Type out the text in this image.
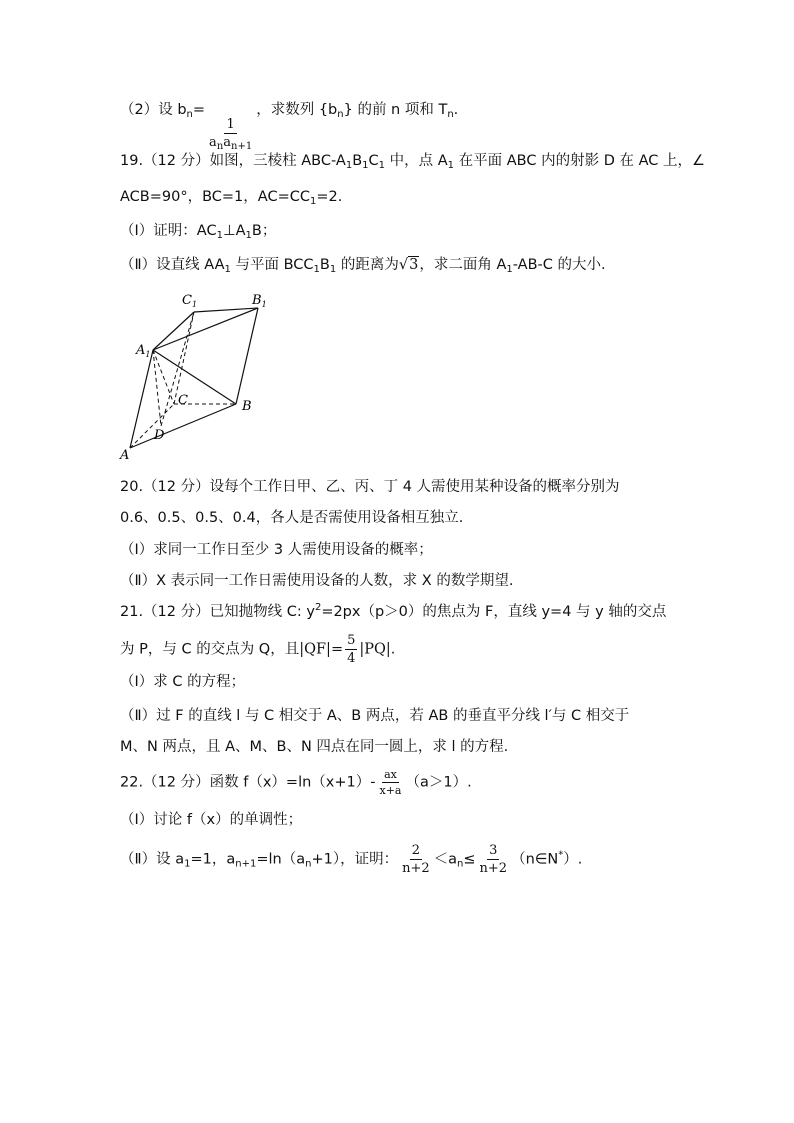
（2）设 $b_n=$
$\frac{1}{a_na_{n+1}}$
，求数列 $\{b_n\}$ 的前 n 项和 $T_n$.
19.（12 分）如图，三棱柱 ABC-$A_1B_1C_1$ 中，点 $A_1$ 在平面 ABC 内的射影 D 在 AC 上，∠
ACB=90°，BC=1，$AC=CC_1=2$.
（Ⅰ）证明：$AC_1\perp A_1B$；
（Ⅱ）设直线 $AA_1$ 与平面 $BCC_1B_1$ 的距离为√3，求二面角 $A_1-AB-C$ 的大小.
$C_1$	$B_1$
$A_1$
C	B
D
A
20.（12 分）设每个工作日甲、乙、丙、丁 4 人需使用某种设备的概率分别为
0.6、0.5、0.5、0.4，各人是否需使用设备相互独立.
（Ⅰ）求同一工作日至少 3 人需使用设备的概率；
（Ⅱ）X 表示同一工作日需使用设备的人数，求 X 的数学期望.
21.（12 分）已知抛物线 C: $y^2=2px(p>0)$的焦点为 F，直线 y=4 与 y 轴的交点
为 P，与 C 的交点为 Q，且$|QF|= \frac{5}{4} |PQ|$.
（Ⅰ）求 C 的方程；
（Ⅱ）过 F 的直线 l 与 C 相交于 A、B 两点，若 AB 的垂直平分线 l′与 C 相交于
M、N 两点，且 A、M、B、N 四点在同一圆上，求 l 的方程.
22.（12 分）函数 $f(x)=\ln(x+1)- \frac{ax}{x+a} (a>1)$.
（Ⅰ）讨论 f（x）的单调性；
（Ⅱ）设 $a_1=1$，$a_{n+1}=\ln(a_n+1)$，证明： $\frac{2}{n+2} <a_n\le \frac{3}{n+2}$ （n∈N*）.
